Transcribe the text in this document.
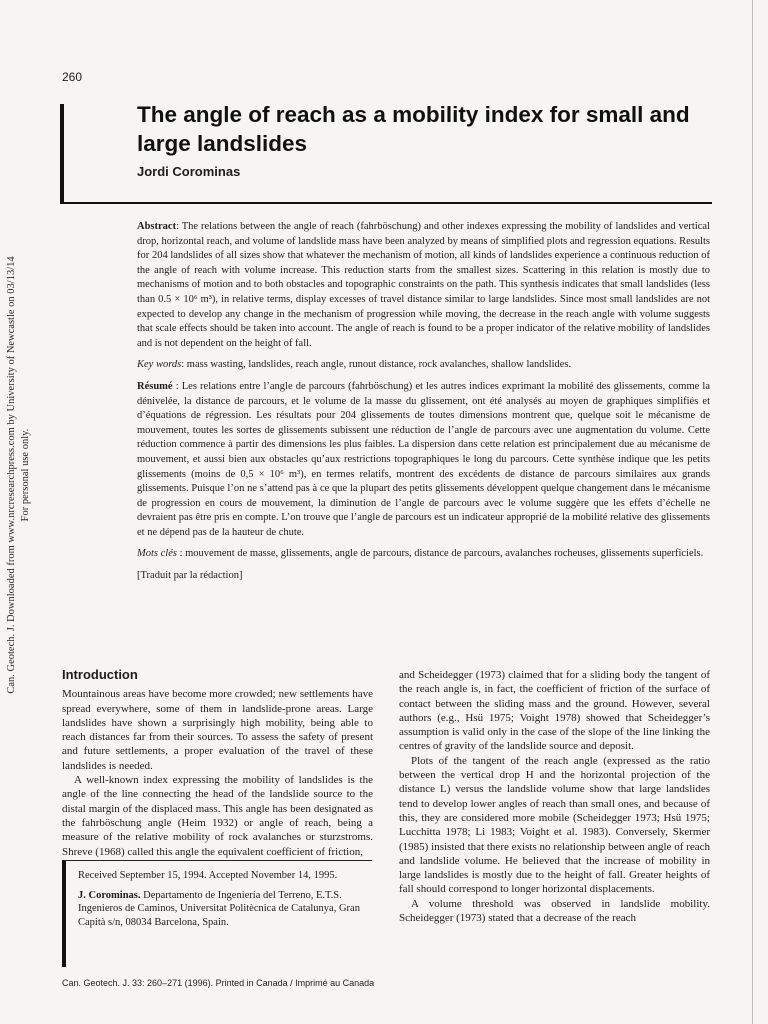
Can. Geotech. J. Downloaded from www.nrcresearchpress.com by University of Newcastle on 03/13/14 For personal use only.
260
The angle of reach as a mobility index for small and large landslides
Jordi Corominas

Abstract: The relations between the angle of reach (fahrböschung) and other indexes expressing the mobility of landslides and vertical drop, horizontal reach, and volume of landslide mass have been analyzed by means of simplified plots and regression equations. Results for 204 landslides of all sizes show that whatever the mechanism of motion, all kinds of landslides experience a continuous reduction of the angle of reach with volume increase. This reduction starts from the smallest sizes. Scattering in this relation is mostly due to mechanisms of motion and to both obstacles and topographic constraints on the path. This synthesis indicates that small landslides (less than 0.5 × 10⁶ m³), in relative terms, display excesses of travel distance similar to large landslides. Since most small landslides are not expected to develop any change in the mechanism of progression while moving, the decrease in the reach angle with volume suggests that scale effects should be taken into account. The angle of reach is found to be a proper indicator of the relative mobility of landslides and is not dependent on the height of fall.

Key words: mass wasting, landslides, reach angle, runout distance, rock avalanches, shallow landslides.

Résumé : Les relations entre l’angle de parcours (fahrböschung) et les autres indices exprimant la mobilité des glissements, comme la dénivelée, la distance de parcours, et le volume de la masse du glissement, ont été analysés au moyen de graphiques simplifiés et d’équations de régression. Les résultats pour 204 glissements de toutes dimensions montrent que, quelque soit le mécanisme de mouvement, toutes les sortes de glissements subissent une réduction de l’angle de parcours avec une augmentation du volume. Cette réduction commence à partir des dimensions les plus faibles. La dispersion dans cette relation est principalement due au mécanisme de mouvement, et aussi bien aux obstacles qu’aux restrictions topographiques le long du parcours. Cette synthèse indique que les petits glissements (moins de 0,5 × 10⁶ m³), en termes relatifs, montrent des excédents de distance de parcours similaires aux grands glissements. Puisque l’on ne s’attend pas à ce que la plupart des petits glissements développent quelque changement dans le mécanisme de progression en cours de mouvement, la diminution de l’angle de parcours avec le volume suggère que les effets d’échelle ne devraient pas être pris en compte. L’on trouve que l’angle de parcours est un indicateur approprié de la mobilité relative des glissements et ne dépend pas de la hauteur de chute.

Mots clés : mouvement de masse, glissements, angle de parcours, distance de parcours, avalanches rocheuses, glissements superficiels.

[Traduit par la rédaction]

Introduction

Mountainous areas have become more crowded; new settlements have spread everywhere, some of them in landslide-prone areas. Large landslides have shown a surprisingly high mobility, being able to reach distances far from their sources. To assess the safety of present and future settlements, a proper evaluation of the travel of these landslides is needed.

A well-known index expressing the mobility of landslides is the angle of the line connecting the head of the landslide source to the distal margin of the displaced mass. This angle has been designated as the fahrböschung angle (Heim 1932) or angle of reach, being a measure of the relative mobility of rock avalanches or sturzstroms. Shreve (1968) called this angle the equivalent coefficient of friction,

Received September 15, 1994. Accepted November 14, 1995.

J. Corominas. Departamento de Ingeniería del Terreno, E.T.S. Ingenieros de Caminos, Universitat Politècnica de Catalunya, Gran Capità s/n, 08034 Barcelona, Spain.

and Scheidegger (1973) claimed that for a sliding body the tangent of the reach angle is, in fact, the coefficient of friction of the surface of contact between the sliding mass and the ground. However, several authors (e.g., Hsü 1975; Voight 1978) showed that Scheidegger’s assumption is valid only in the case of the slope of the line linking the centres of gravity of the landslide source and deposit.

Plots of the tangent of the reach angle (expressed as the ratio between the vertical drop H and the horizontal projection of the distance L) versus the landslide volume show that large landslides tend to develop lower angles of reach than small ones, and because of this, they are considered more mobile (Scheidegger 1973; Hsü 1975; Lucchitta 1978; Li 1983; Voight et al. 1983). Conversely, Skermer (1985) insisted that there exists no relationship between angle of reach and landslide volume. He believed that the increase of mobility in large landslides is mostly due to the height of fall. Greater heights of fall should correspond to longer horizontal displacements.

A volume threshold was observed in landslide mobility. Scheidegger (1973) stated that a decrease of the reach

Can. Geotech. J. 33: 260–271 (1996). Printed in Canada / Imprimé au Canada
